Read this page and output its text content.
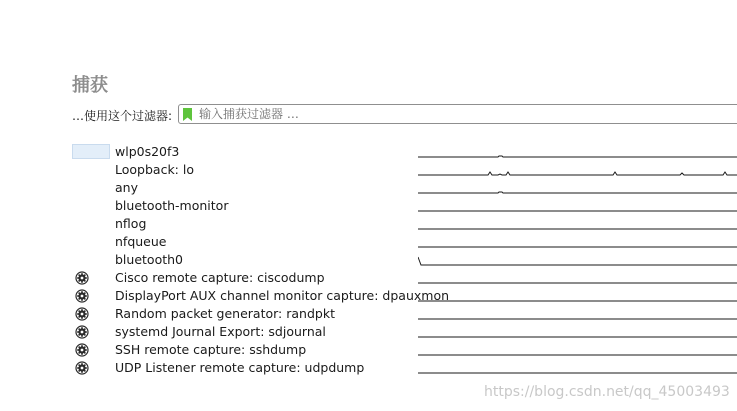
捕获
…使用这个过滤器:
输入捕获过滤器 …
wlp0s20f3
Loopback: lo
any
bluetooth-monitor
nflog
nfqueue
bluetooth0
Cisco remote capture: ciscodump
DisplayPort AUX channel monitor capture: dpauxmon
Random packet generator: randpkt
systemd Journal Export: sdjournal
SSH remote capture: sshdump
UDP Listener remote capture: udpdump
https://blog.csdn.net/qq_45003493
